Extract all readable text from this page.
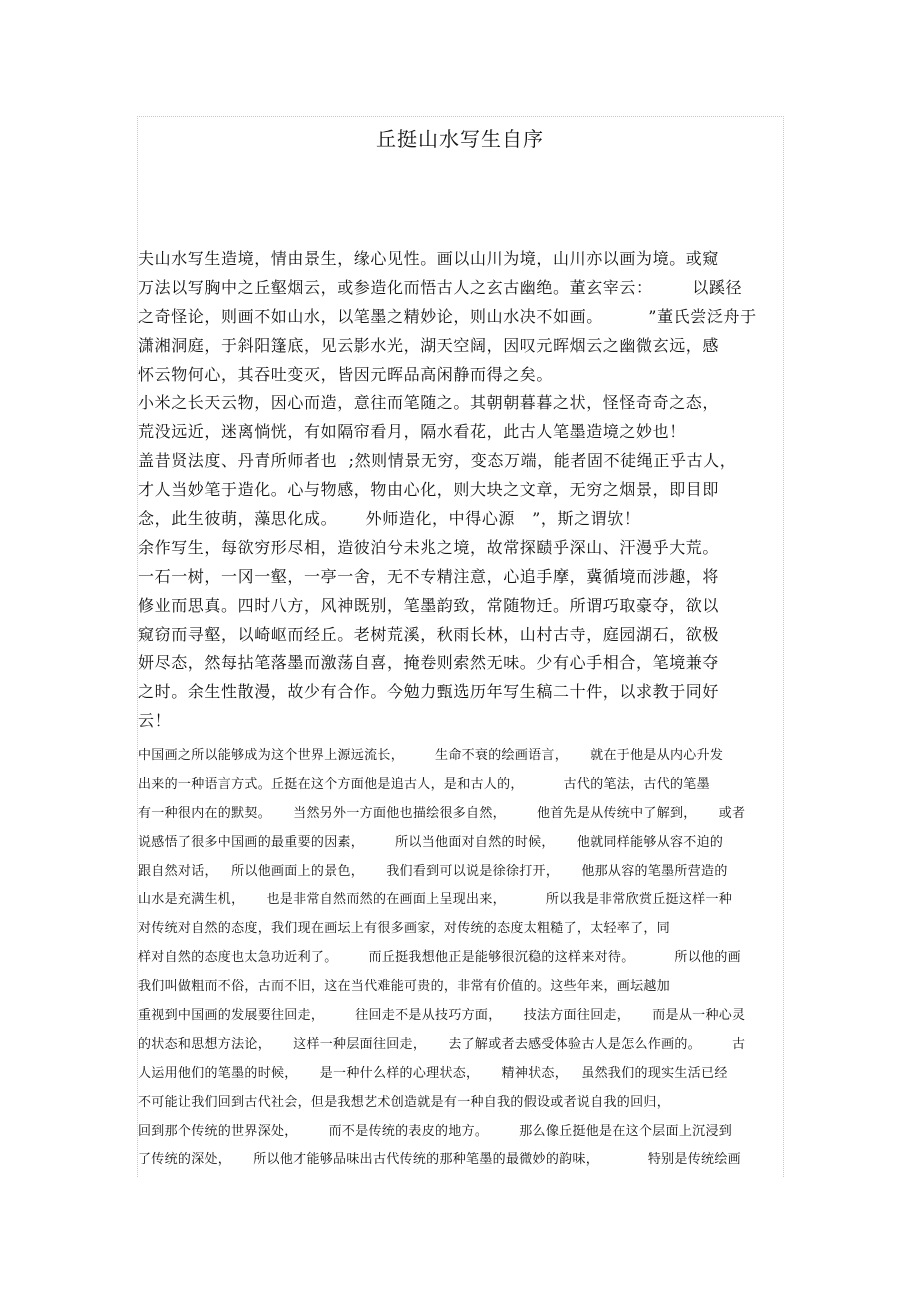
丘挺山水写生自序
夫山水写生造境，情由景生，缘心见性。画以山川为境，山川亦以画为境。或窥
万法以写胸中之丘壑烟云，或参造化而悟古人之玄古幽绝。董玄宰云：       以蹊径
之奇怪论，则画不如山水，以笔墨之精妙论，则山水决不如画。        ”董氏尝泛舟于
潇湘洞庭，于斜阳篷底，见云影水光，湖天空阔，因叹元晖烟云之幽微玄远，感
怀云物何心，其吞吐变灭，皆因元晖品高闲静而得之矣。
小米之长天云物，因心而造，意往而笔随之。其朝朝暮暮之状，怪怪奇奇之态，
荒没远近，迷离惝恍，有如隔帘看月，隔水看花，此古人笔墨造境之妙也！
盖昔贤法度、丹青所师者也  ;然则情景无穷，变态万端，能者固不徒绳正乎古人，
才人当妙笔于造化。心与物感，物由心化，则大块之文章，无穷之烟景，即目即
念，此生彼萌，藻思化成。     外师造化，中得心源   ”，斯之谓欤！
余作写生，每欲穷形尽相，造彼泊兮未兆之境，故常探赜乎深山、汗漫乎大荒。
一石一树，一冈一壑，一亭一舍，无不专精注意，心追手摩，冀循境而涉趣，将
修业而思真。四时八方，风神既别，笔墨韵致，常随物迁。所谓巧取豪夺，欲以
窥窃而寻壑，以崎岖而经丘。老树荒溪，秋雨长林，山村古寺，庭园湖石，欲极
妍尽态，然每拈笔落墨而激荡自喜，掩卷则索然无味。少有心手相合，笔境兼夺
之时。余生性散漫，故少有合作。今勉力甄选历年写生稿二十件，以求教于同好
云！
中国画之所以能够成为这个世界上源远流长，       生命不衰的绘画语言，     就在于他是从内心升发
出来的一种语言方式。丘挺在这个方面他是追古人，是和古人的，         古代的笔法，古代的笔墨
有一种很内在的默契。     当然另外一方面他也描绘很多自然，       他首先是从传统中了解到，     或者
说感悟了很多中国画的最重要的因素，       所以当他面对自然的时候，     他就同样能够从容不迫的
跟自然对话，   所以他画面上的景色，     我们看到可以说是徐徐打开，     他那从容的笔墨所营造的
山水是充满生机，     也是非常自然而然的在画面上呈现出来，         所以我是非常欣赏丘挺这样一种
对传统对自然的态度，我们现在画坛上有很多画家，对传统的态度太粗糙了，太轻率了，同
样对自然的态度也太急功近利了。       而丘挺我想他正是能够很沉稳的这样来对待。         所以他的画
我们叫做粗而不俗，古而不旧，这在当代难能可贵的，非常有价值的。这些年来，画坛越加
重视到中国画的发展要往回走，       往回走不是从技巧方面，     技法方面往回走，     而是从一种心灵
的状态和思想方法论，     这样一种层面往回走，     去了解或者去感受体验古人是怎么作画的。       古
人运用他们的笔墨的时候，     是一种什么样的心理状态，     精神状态，   虽然我们的现实生活已经
不可能让我们回到古代社会，但是我想艺术创造就是有一种自我的假设或者说自我的回归，
回到那个传统的世界深处，       而不是传统的表皮的地方。       那么像丘挺他是在这个层面上沉浸到
了传统的深处，     所以他才能够品味出古代传统的那种笔墨的最微妙的韵味，           特别是传统绘画
